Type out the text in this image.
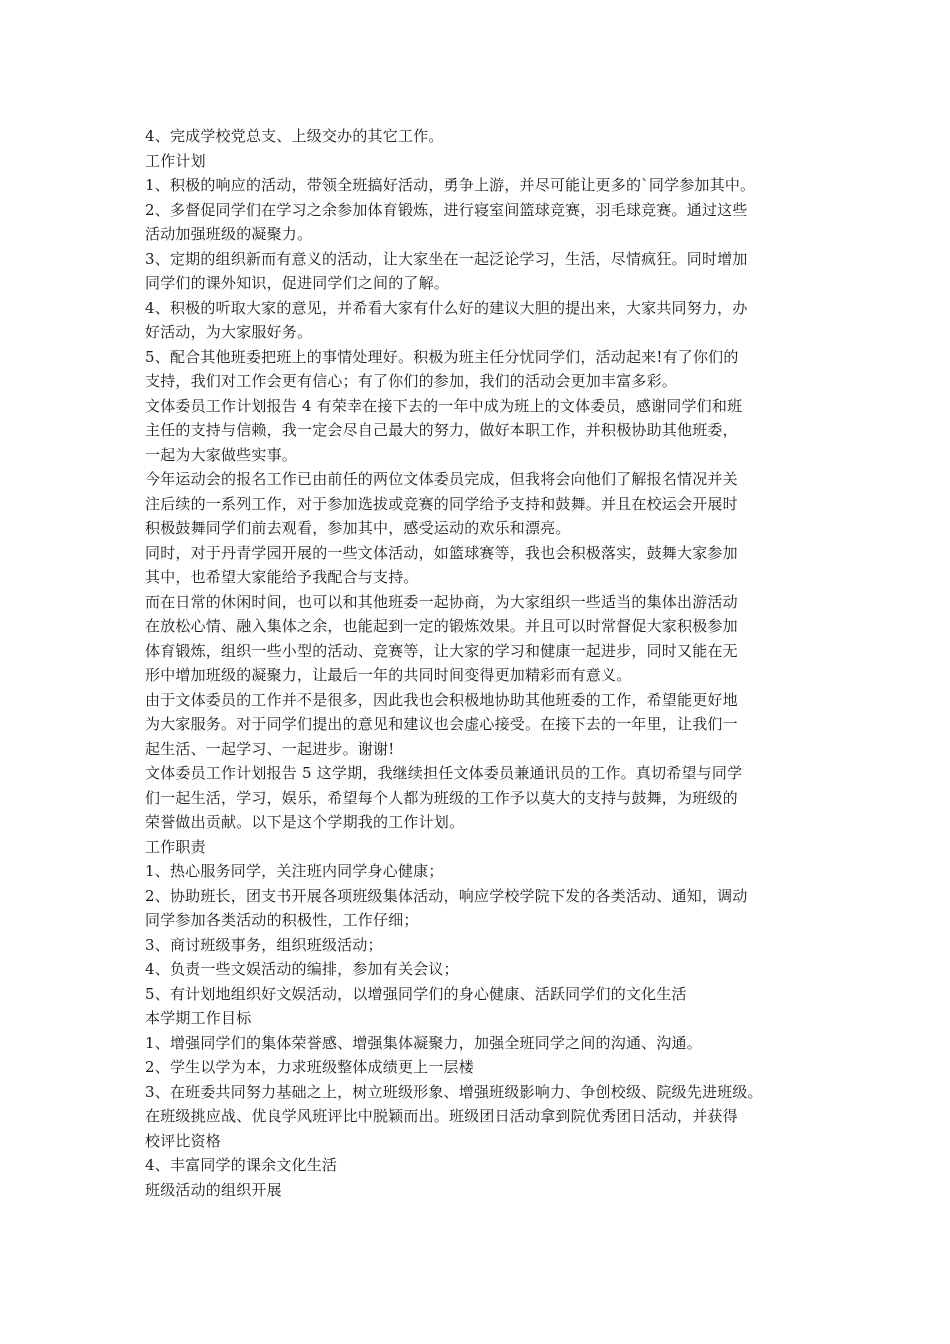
4、完成学校党总支、上级交办的其它工作。
工作计划
1、积极的响应的活动，带领全班搞好活动，勇争上游，并尽可能让更多的`同学参加其中。
2、多督促同学们在学习之余参加体育锻炼，进行寝室间篮球竞赛，羽毛球竞赛。通过这些
活动加强班级的凝聚力。
3、定期的组织新而有意义的活动，让大家坐在一起泛论学习，生活，尽情疯狂。同时增加
同学们的课外知识，促进同学们之间的了解。
4、积极的听取大家的意见，并希看大家有什么好的建议大胆的提出来，大家共同努力，办
好活动，为大家服好务。
5、配合其他班委把班上的事情处理好。积极为班主任分忧同学们，活动起来!有了你们的
支持，我们对工作会更有信心；有了你们的参加，我们的活动会更加丰富多彩。
文体委员工作计划报告 4 有荣幸在接下去的一年中成为班上的文体委员，感谢同学们和班
主任的支持与信赖，我一定会尽自己最大的努力，做好本职工作，并积极协助其他班委，
一起为大家做些实事。
今年运动会的报名工作已由前任的两位文体委员完成，但我将会向他们了解报名情况并关
注后续的一系列工作，对于参加选拔或竞赛的同学给予支持和鼓舞。并且在校运会开展时
积极鼓舞同学们前去观看，参加其中，感受运动的欢乐和漂亮。
同时，对于丹青学园开展的一些文体活动，如篮球赛等，我也会积极落实，鼓舞大家参加
其中，也希望大家能给予我配合与支持。
而在日常的休闲时间，也可以和其他班委一起协商，为大家组织一些适当的集体出游活动
在放松心情、融入集体之余，也能起到一定的锻炼效果。并且可以时常督促大家积极参加
体育锻炼，组织一些小型的活动、竞赛等，让大家的学习和健康一起进步，同时又能在无
形中增加班级的凝聚力，让最后一年的共同时间变得更加精彩而有意义。
由于文体委员的工作并不是很多，因此我也会积极地协助其他班委的工作，希望能更好地
为大家服务。对于同学们提出的意见和建议也会虚心接受。在接下去的一年里，让我们一
起生活、一起学习、一起进步。谢谢!
文体委员工作计划报告 5 这学期，我继续担任文体委员兼通讯员的工作。真切希望与同学
们一起生活，学习，娱乐，希望每个人都为班级的工作予以莫大的支持与鼓舞，为班级的
荣誉做出贡献。以下是这个学期我的工作计划。
工作职责
1、热心服务同学，关注班内同学身心健康；
2、协助班长，团支书开展各项班级集体活动，响应学校学院下发的各类活动、通知，调动
同学参加各类活动的积极性，工作仔细；
3、商讨班级事务，组织班级活动；
4、负责一些文娱活动的编排，参加有关会议；
5、有计划地组织好文娱活动，以增强同学们的身心健康、活跃同学们的文化生活
本学期工作目标
1、增强同学们的集体荣誉感、增强集体凝聚力，加强全班同学之间的沟通、沟通。
2、学生以学为本，力求班级整体成绩更上一层楼
3、在班委共同努力基础之上，树立班级形象、增强班级影响力、争创校级、院级先进班级。
在班级挑应战、优良学风班评比中脱颖而出。班级团日活动拿到院优秀团日活动，并获得
校评比资格
4、丰富同学的课余文化生活
班级活动的组织开展
